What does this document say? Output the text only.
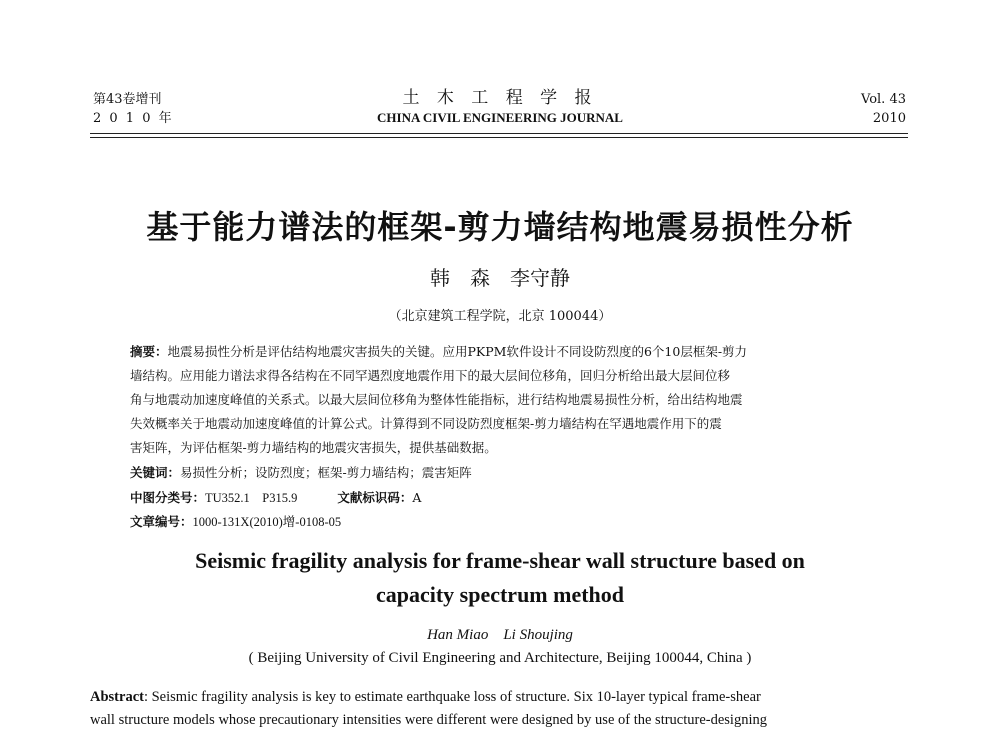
第43卷增刊
2 0 1 0 年
土 木 工 程 学 报
CHINA CIVIL ENGINEERING JOURNAL
Vol. 43
2010
基于能力谱法的框架-剪力墙结构地震易损性分析
韩　森　李守静
（北京建筑工程学院，北京 100044）
摘要：地震易损性分析是评估结构地震灾害损失的关键。应用PKPM软件设计不同设防烈度的6个10层框架-剪力
墙结构。应用能力谱法求得各结构在不同罕遇烈度地震作用下的最大层间位移角，回归分析给出最大层间位移
角与地震动加速度峰值的关系式。以最大层间位移角为整体性能指标，进行结构地震易损性分析，给出结构地震
失效概率关于地震动加速度峰值的计算公式。计算得到不同设防烈度框架-剪力墙结构在罕遇地震作用下的震
害矩阵，为评估框架-剪力墙结构的地震灾害损失，提供基础数据。
关键词：易损性分析；设防烈度；框架-剪力墙结构；震害矩阵
中图分类号：TU352.1　P315.9	文献标识码：A
文章编号：1000-131X(2010)增-0108-05
Seismic fragility analysis for frame-shear wall structure based on
capacity spectrum method
Han Miao　Li Shoujing
( Beijing University of Civil Engineering and Architecture, Beijing 100044, China )
Abstract: Seismic fragility analysis is key to estimate earthquake loss of structure. Six 10-layer typical frame-shear
wall structure models whose precautionary intensities were different were designed by use of the structure-designing
